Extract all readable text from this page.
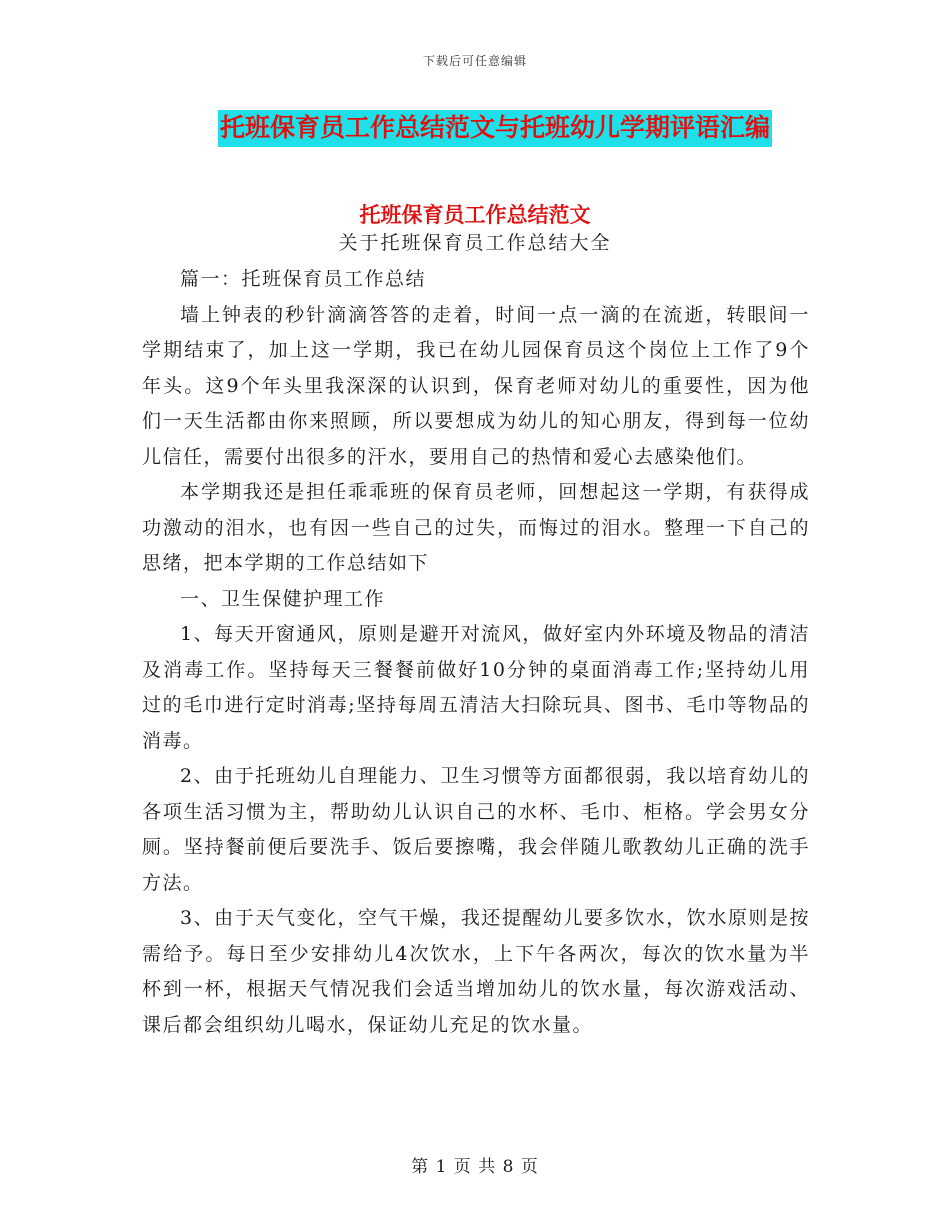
下载后可任意编辑
托班保育员工作总结范文与托班幼儿学期评语汇编
托班保育员工作总结范文
关于托班保育员工作总结大全

篇一：托班保育员工作总结

墙上钟表的秒针滴滴答答的走着，时间一点一滴的在流逝，转眼间一学期结束了，加上这一学期，我已在幼儿园保育员这个岗位上工作了9个年头。这9个年头里我深深的认识到，保育老师对幼儿的重要性，因为他们一天生活都由你来照顾，所以要想成为幼儿的知心朋友，得到每一位幼儿信任，需要付出很多的汗水，要用自己的热情和爱心去感染他们。

本学期我还是担任乖乖班的保育员老师，回想起这一学期，有获得成功激动的泪水，也有因一些自己的过失，而悔过的泪水。整理一下自己的思绪，把本学期的工作总结如下

一、卫生保健护理工作

1、每天开窗通风，原则是避开对流风，做好室内外环境及物品的清洁及消毒工作。坚持每天三餐餐前做好10分钟的桌面消毒工作;坚持幼儿用过的毛巾进行定时消毒;坚持每周五清洁大扫除玩具、图书、毛巾等物品的消毒。

2、由于托班幼儿自理能力、卫生习惯等方面都很弱，我以培育幼儿的各项生活习惯为主，帮助幼儿认识自己的水杯、毛巾、柜格。学会男女分厕。坚持餐前便后要洗手、饭后要擦嘴，我会伴随儿歌教幼儿正确的洗手方法。

3、由于天气变化，空气干燥，我还提醒幼儿要多饮水，饮水原则是按需给予。每日至少安排幼儿4次饮水，上下午各两次，每次的饮水量为半杯到一杯，根据天气情况我们会适当增加幼儿的饮水量，每次游戏活动、课后都会组织幼儿喝水，保证幼儿充足的饮水量。

第 1 页 共 8 页
